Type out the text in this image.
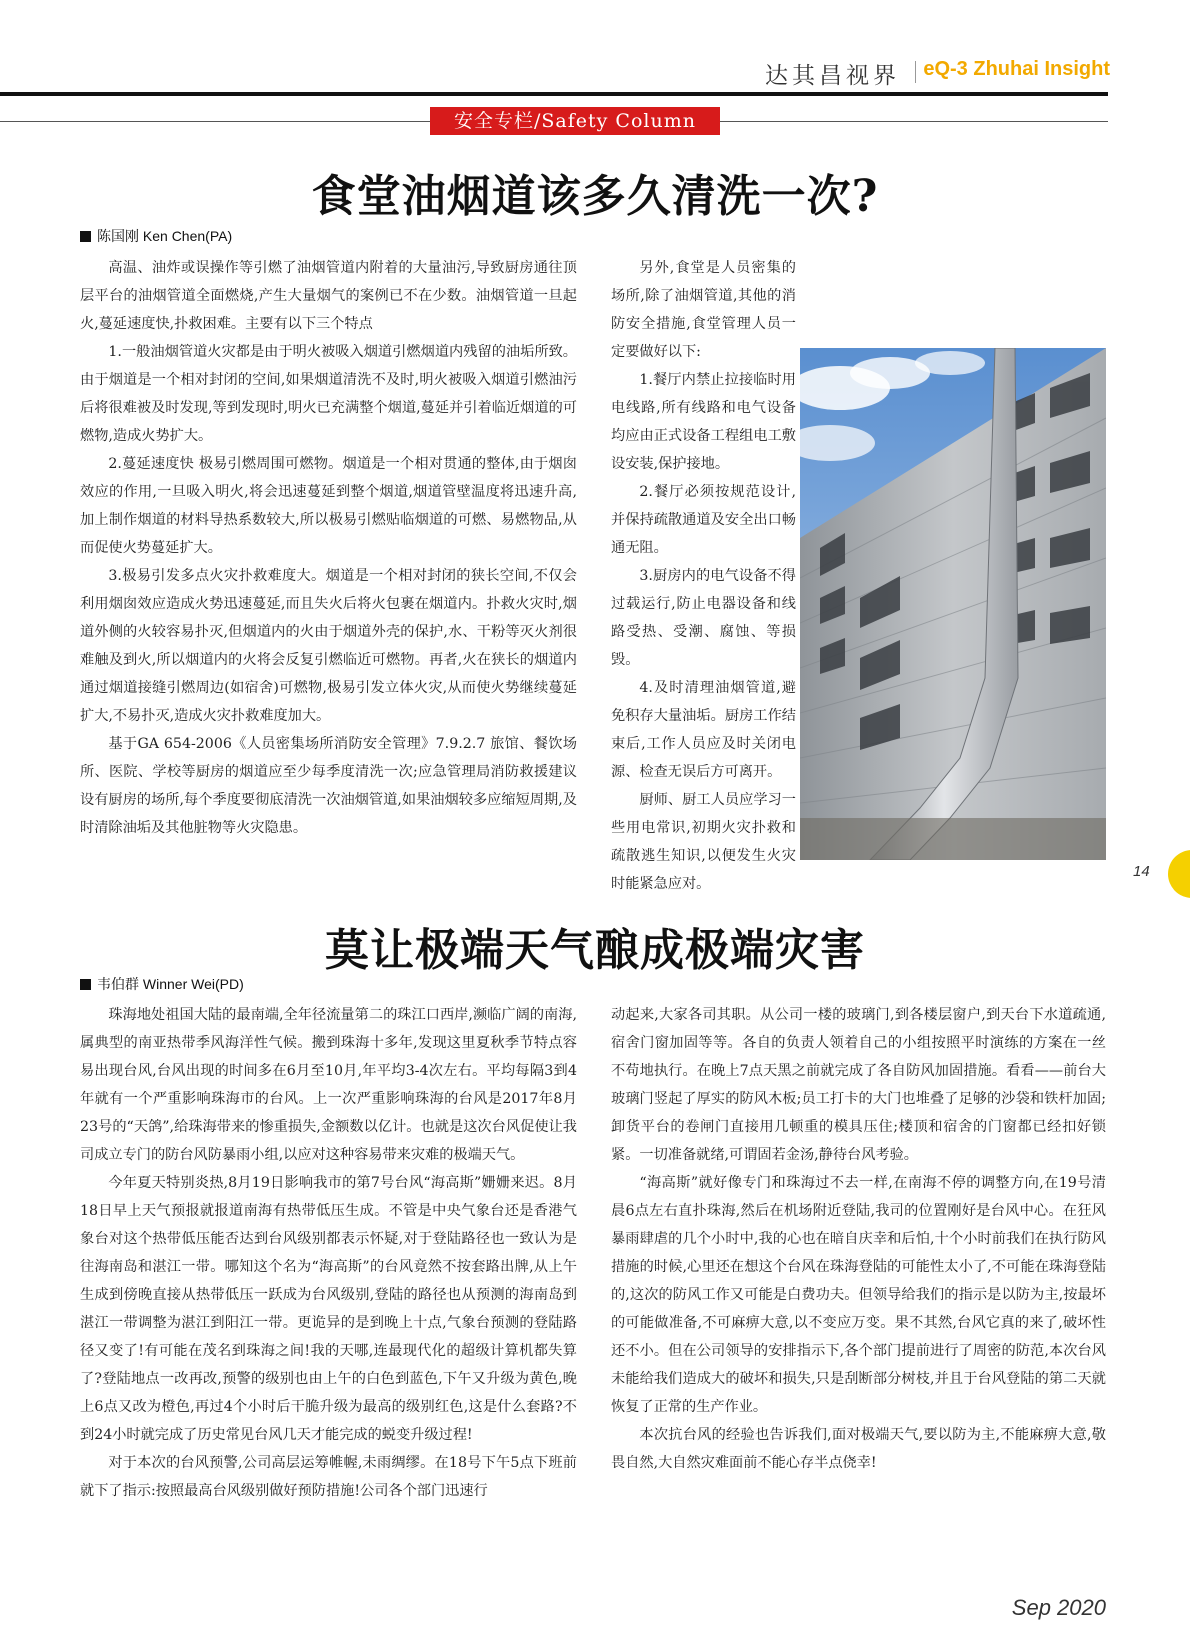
达其昌视界 eQ-3 Zhuhai Insight
安全专栏/Safety Column
食堂油烟道该多久清洗一次?
陈国刚 Ken Chen(PA)

高温、油炸或误操作等引燃了油烟管道内附着的大量油污,导致厨房通往顶层平台的油烟管道全面燃烧,产生大量烟气的案例已不在少数。油烟管道一旦起火,蔓延速度快,扑救困难。主要有以下三个特点

1.一般油烟管道火灾都是由于明火被吸入烟道引燃烟道内残留的油垢所致。由于烟道是一个相对封闭的空间,如果烟道清洗不及时,明火被吸入烟道引燃油污后将很难被及时发现,等到发现时,明火已充满整个烟道,蔓延并引着临近烟道的可燃物,造成火势扩大。

2.蔓延速度快 极易引燃周围可燃物。烟道是一个相对贯通的整体,由于烟囱效应的作用,一旦吸入明火,将会迅速蔓延到整个烟道,烟道管壁温度将迅速升高,加上制作烟道的材料导热系数较大,所以极易引燃贴临烟道的可燃、易燃物品,从而促使火势蔓延扩大。

3.极易引发多点火灾扑救难度大。烟道是一个相对封闭的狭长空间,不仅会利用烟囱效应造成火势迅速蔓延,而且失火后将火包裹在烟道内。扑救火灾时,烟道外侧的火较容易扑灭,但烟道内的火由于烟道外壳的保护,水、干粉等灭火剂很难触及到火,所以烟道内的火将会反复引燃临近可燃物。再者,火在狭长的烟道内通过烟道接缝引燃周边(如宿舍)可燃物,极易引发立体火灾,从而使火势继续蔓延扩大,不易扑灭,造成火灾扑救难度加大。

基于GA 654-2006《人员密集场所消防安全管理》7.9.2.7 旅馆、餐饮场所、医院、学校等厨房的烟道应至少每季度清洗一次;应急管理局消防救援建议设有厨房的场所,每个季度要彻底清洗一次油烟管道,如果油烟较多应缩短周期,及时清除油垢及其他脏物等火灾隐患。

另外,食堂是人员密集的场所,除了油烟管道,其他的消防安全措施,食堂管理人员一定要做好以下:

1.餐厅内禁止拉接临时用电线路,所有线路和电气设备均应由正式设备工程组电工敷设安装,保护接地。

2.餐厅必须按规范设计,并保持疏散通道及安全出口畅通无阻。

3.厨房内的电气设备不得过载运行,防止电器设备和线路受热、受潮、腐蚀、等损毁。

4.及时清理油烟管道,避免积存大量油垢。厨房工作结束后,工作人员应及时关闭电源、检查无误后方可离开。

厨师、厨工人员应学习一些用电常识,初期火灾扑救和疏散逃生知识,以便发生火灾时能紧急应对。

14
莫让极端天气酿成极端灾害
韦伯群 Winner Wei(PD)

珠海地处祖国大陆的最南端,全年径流量第二的珠江口西岸,濒临广阔的南海,属典型的南亚热带季风海洋性气候。搬到珠海十多年,发现这里夏秋季节特点容易出现台风,台风出现的时间多在6月至10月,年平均3-4次左右。平均每隔3到4年就有一个严重影响珠海市的台风。上一次严重影响珠海的台风是2017年8月23号的“天鸽”,给珠海带来的惨重损失,金额数以亿计。也就是这次台风促使让我司成立专门的防台风防暴雨小组,以应对这种容易带来灾难的极端天气。

今年夏天特别炎热,8月19日影响我市的第7号台风“海高斯”姗姗来迟。8月18日早上天气预报就报道南海有热带低压生成。不管是中央气象台还是香港气象台对这个热带低压能否达到台风级别都表示怀疑,对于登陆路径也一致认为是往海南岛和湛江一带。哪知这个名为“海高斯”的台风竟然不按套路出牌,从上午生成到傍晚直接从热带低压一跃成为台风级别,登陆的路径也从预测的海南岛到湛江一带调整为湛江到阳江一带。更诡异的是到晚上十点,气象台预测的登陆路径又变了!有可能在茂名到珠海之间!我的天哪,连最现代化的超级计算机都失算了?登陆地点一改再改,预警的级别也由上午的白色到蓝色,下午又升级为黄色,晚上6点又改为橙色,再过4个小时后干脆升级为最高的级别红色,这是什么套路?不到24小时就完成了历史常见台风几天才能完成的蜕变升级过程!

对于本次的台风预警,公司高层运筹帷幄,未雨绸缪。在18号下午5点下班前就下了指示:按照最高台风级别做好预防措施!公司各个部门迅速行

动起来,大家各司其职。从公司一楼的玻璃门,到各楼层窗户,到天台下水道疏通,宿舍门窗加固等等。各自的负责人领着自己的小组按照平时演练的方案在一丝不苟地执行。在晚上7点天黑之前就完成了各自防风加固措施。看看——前台大玻璃门竖起了厚实的防风木板;员工打卡的大门也堆叠了足够的沙袋和铁杆加固;卸货平台的卷闸门直接用几顿重的模具压住;楼顶和宿舍的门窗都已经扣好锁紧。一切准备就绪,可谓固若金汤,静待台风考验。

“海高斯”就好像专门和珠海过不去一样,在南海不停的调整方向,在19号清晨6点左右直扑珠海,然后在机场附近登陆,我司的位置刚好是台风中心。在狂风暴雨肆虐的几个小时中,我的心也在暗自庆幸和后怕,十个小时前我们在执行防风措施的时候,心里还在想这个台风在珠海登陆的可能性太小了,不可能在珠海登陆的,这次的防风工作又可能是白费功夫。但领导给我们的指示是以防为主,按最坏的可能做准备,不可麻痹大意,以不变应万变。果不其然,台风它真的来了,破坏性还不小。但在公司领导的安排指示下,各个部门提前进行了周密的防范,本次台风未能给我们造成大的破坏和损失,只是刮断部分树枝,并且于台风登陆的第二天就恢复了正常的生产作业。

本次抗台风的经验也告诉我们,面对极端天气,要以防为主,不能麻痹大意,敬畏自然,大自然灾难面前不能心存半点侥幸!

Sep 2020
